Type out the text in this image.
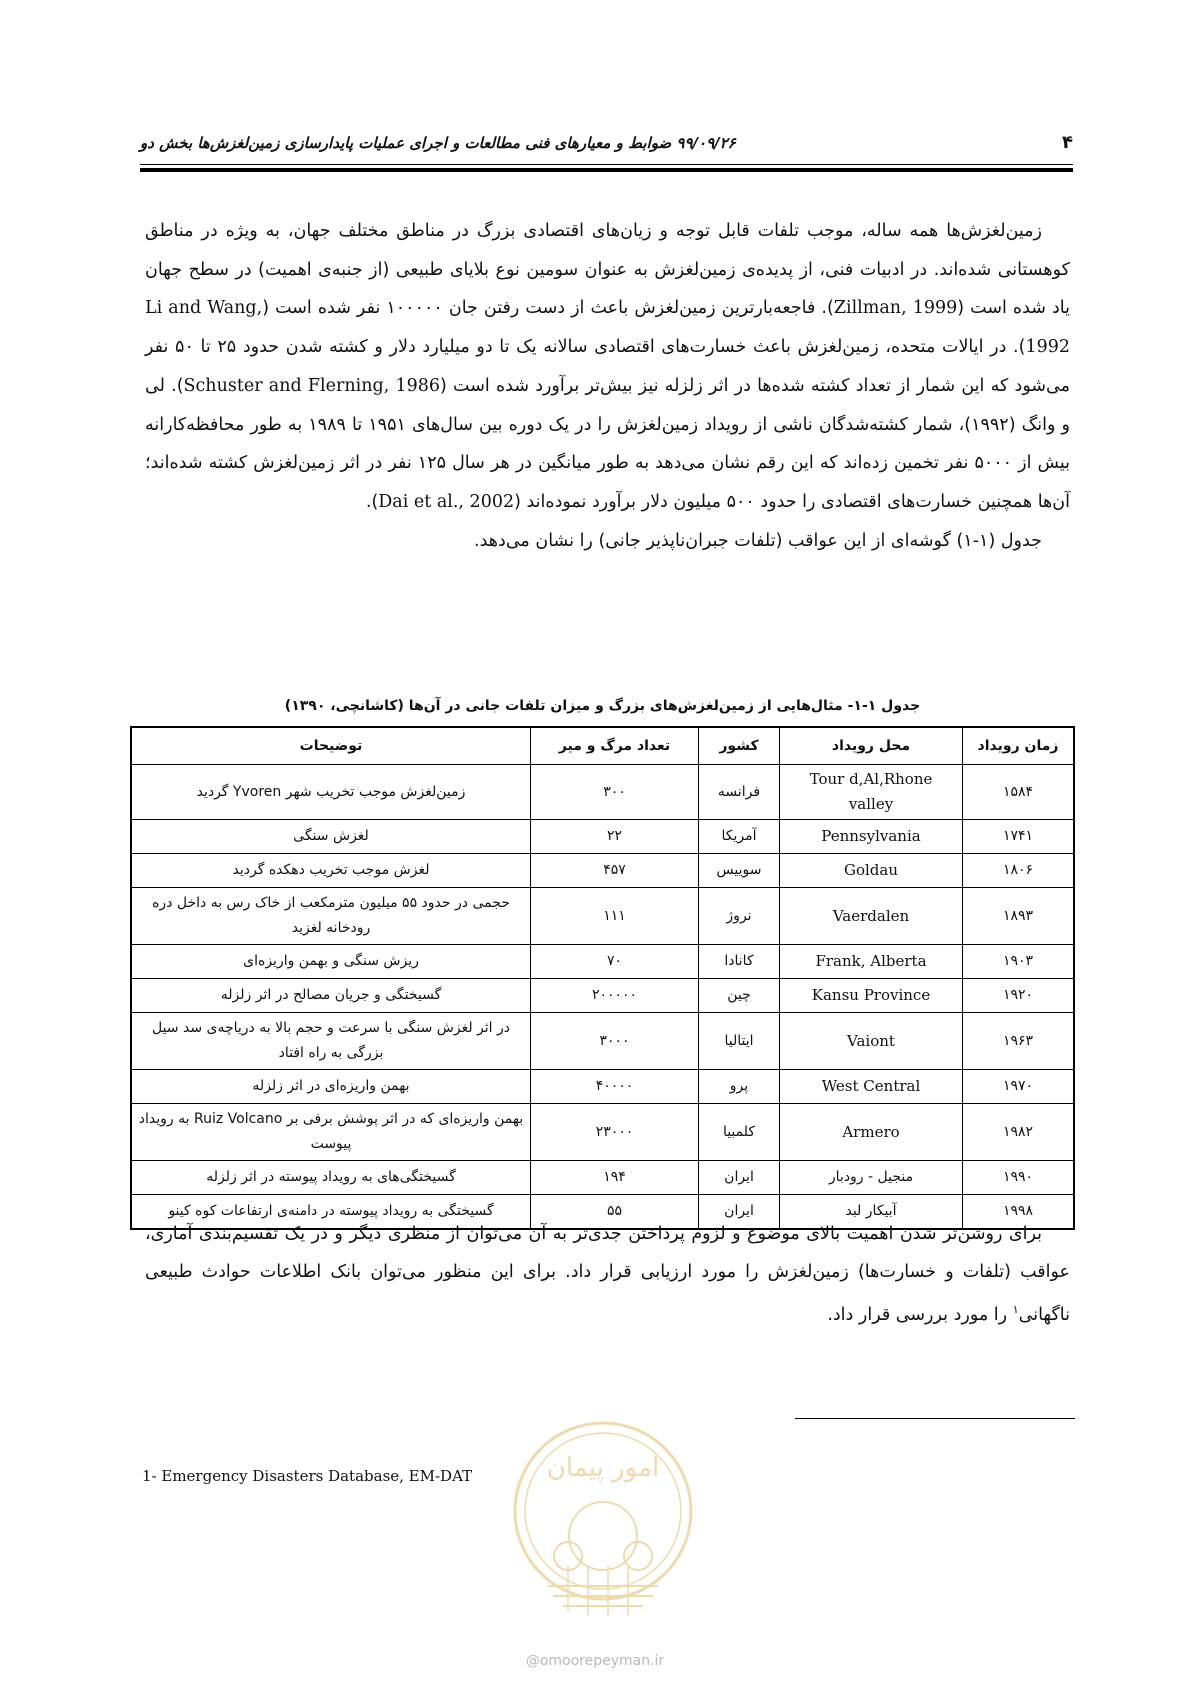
۴
۹۹/۰۹/۲۶ ضوابط و معیارهای فنی مطالعات و اجرای عملیات پایدارسازی زمین‌لغزش‌ها بخش دو

زمین‌لغزش‌ها همه ساله، موجب تلفات قابل توجه و زیان‌های اقتصادی بزرگ در مناطق مختلف جهان، به ویژه در مناطق کوهستانی شده‌اند. در ادبیات فنی، از پدیده‌ی زمین‌لغزش به عنوان سومین نوع بلایای طبیعی (از جنبه‌ی اهمیت) در سطح جهان یاد شده است (Zillman, 1999). فاجعه‌بارترین زمین‌لغزش باعث از دست رفتن جان ۱۰۰۰۰۰ نفر شده است (Li and Wang, 1992). در ایالات متحده، زمین‌لغزش باعث خسارت‌های اقتصادی سالانه یک تا دو میلیارد دلار و کشته شدن حدود ۲۵ تا ۵۰ نفر می‌شود که این شمار از تعداد کشته شده‌ها در اثر زلزله نیز بیش‌تر برآورد شده است (Schuster and Flerning, 1986). لی و وانگ (۱۹۹۲)، شمار کشته‌شدگان ناشی از رویداد زمین‌لغزش را در یک دوره بین سال‌های ۱۹۵۱ تا ۱۹۸۹ به طور محافظه‌کارانه بیش از ۵۰۰۰ نفر تخمین زده‌اند که این رقم نشان می‌دهد به طور میانگین در هر سال ۱۲۵ نفر در اثر زمین‌لغزش کشته شده‌اند؛ آن‌ها همچنین خسارت‌های اقتصادی را حدود ۵۰۰ میلیون دلار برآورد نموده‌اند (Dai et al., 2002).

جدول (۱-۱) گوشه‌ای از این عواقب (تلفات جبران‌ناپذیر جانی) را نشان می‌دهد.

جدول ۱-۱- مثال‌هایی از زمین‌لغزش‌های بزرگ و میزان تلفات جانی در آن‌ها (کاشانچی، ۱۳۹۰)
زمان رویداد	محل رویداد	کشور	تعداد مرگ و میر	توضیحات
۱۵۸۴	Tour d,Al,Rhone valley	فرانسه	۳۰۰	زمین‌لغزش موجب تخریب شهر Yvoren گردید
۱۷۴۱	Pennsylvania	آمریکا	۲۲	لغزش سنگی
۱۸۰۶	Goldau	سوییس	۴۵۷	لغزش موجب تخریب دهکده گردید
۱۸۹۳	Vaerdalen	نروژ	۱۱۱	حجمی در حدود ۵۵ میلیون مترمکعب از خاک رس به داخل دره رودخانه لغزید
۱۹۰۳	Frank, Alberta	کانادا	۷۰	ریزش سنگی و بهمن واریزه‌ای
۱۹۲۰	Kansu Province	چین	۲۰۰۰۰۰	گسیختگی و جریان مصالح در اثر زلزله
۱۹۶۳	Vaiont	ایتالیا	۳۰۰۰	در اثر لغزش سنگی با سرعت و حجم بالا به دریاچه‌ی سد سیل بزرگی به راه افتاد
۱۹۷۰	West Central	پرو	۴۰۰۰۰	بهمن واریزه‌ای در اثر زلزله
۱۹۸۲	Armero	کلمبیا	۲۳۰۰۰	بهمن واریزه‌ای که در اثر پوشش برفی بر Ruiz Volcano به رویداد پیوست
۱۹۹۰	منجیل - رودبار	ایران	۱۹۴	گسیختگی‌های به رویداد پیوسته در اثر زلزله
۱۹۹۸	آبیکار لبد	ایران	۵۵	گسیختگی به رویداد پیوسته در دامنه‌ی ارتفاعات کوه کینو

برای روشن‌تر شدن اهمیت بالای موضوع و لزوم پرداختن جدی‌تر به آن می‌توان از منظری دیگر و در یک تقسیم‌بندی آماری، عواقب (تلفات و خسارت‌ها) زمین‌لغزش را مورد ارزیابی قرار داد. برای این منظور می‌توان بانک اطلاعات حوادث طبیعی ناگهانی$^۱$ را مورد بررسی قرار داد.

1- Emergency Disasters Database, EM-DAT	امور پیمان
@omoorepeyman.ir
